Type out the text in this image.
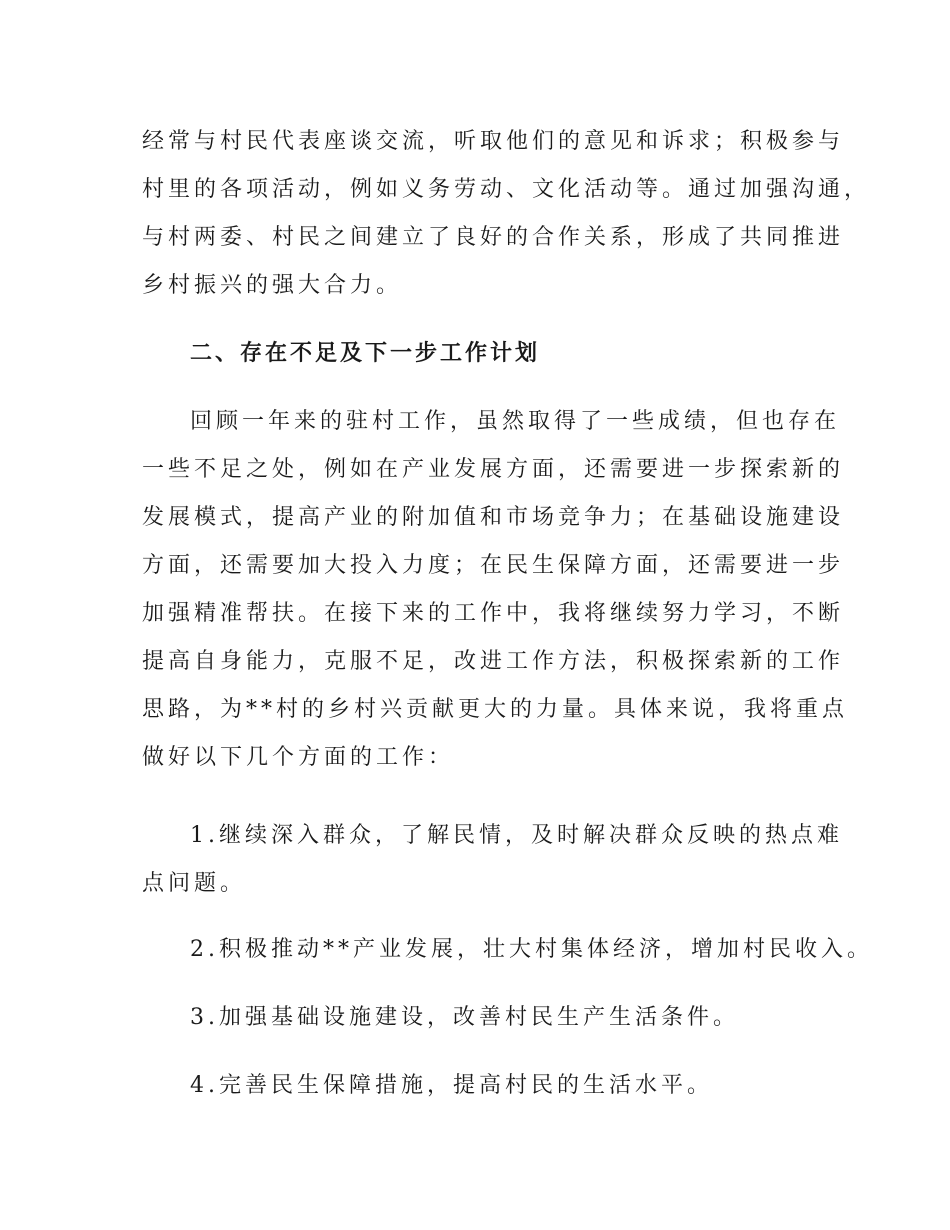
经常与村民代表座谈交流，听取他们的意见和诉求；积极参与
村里的各项活动，例如义务劳动、文化活动等。通过加强沟通，
与村两委、村民之间建立了良好的合作关系，形成了共同推进
乡村振兴的强大合力。
二、存在不足及下一步工作计划
回顾一年来的驻村工作，虽然取得了一些成绩，但也存在
一些不足之处，例如在产业发展方面，还需要进一步探索新的
发展模式，提高产业的附加值和市场竞争力；在基础设施建设
方面，还需要加大投入力度；在民生保障方面，还需要进一步
加强精准帮扶。在接下来的工作中，我将继续努力学习，不断
提高自身能力，克服不足，改进工作方法，积极探索新的工作
思路，为**村的乡村兴贡献更大的力量。具体来说，我将重点
做好以下几个方面的工作：
1.继续深入群众，了解民情，及时解决群众反映的热点难
点问题。
2.积极推动**产业发展，壮大村集体经济，增加村民收入。
3.加强基础设施建设，改善村民生产生活条件。
4.完善民生保障措施，提高村民的生活水平。
